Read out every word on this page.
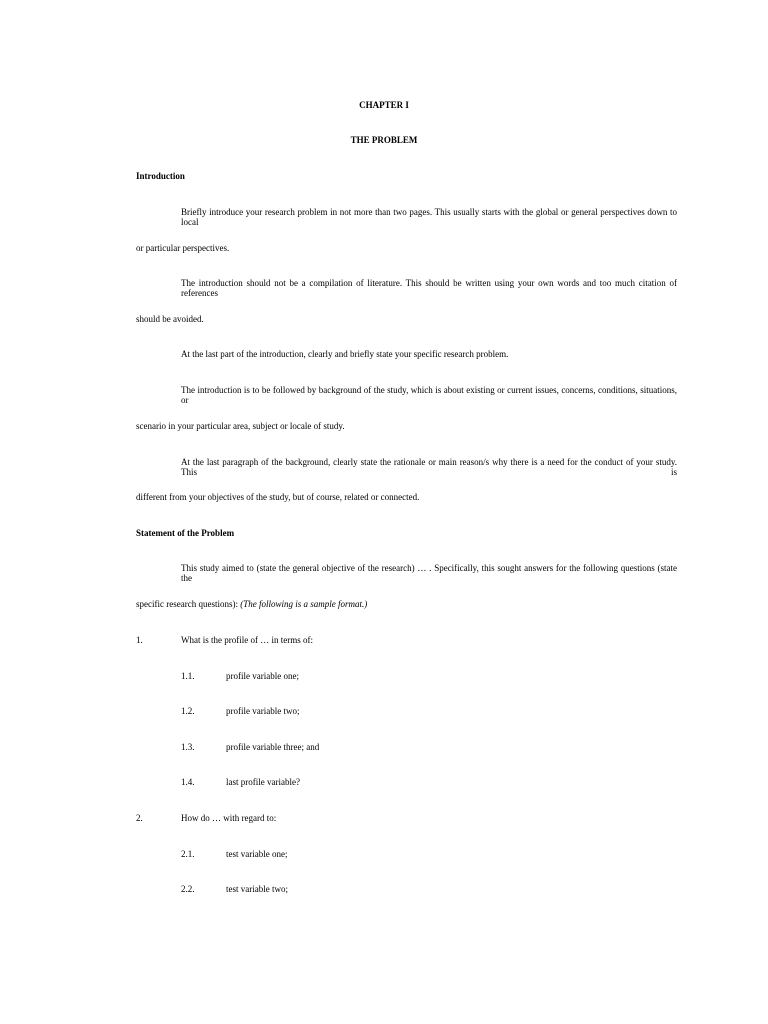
CHAPTER I
THE PROBLEM
Introduction
Briefly introduce your research problem in not more than two pages. This usually starts with the global or general perspectives down to local
or particular perspectives.
The introduction should not be a compilation of literature. This should be written using your own words and too much citation of references
should be avoided.
At the last part of the introduction, clearly and briefly state your specific research problem.
The introduction is to be followed by background of the study, which is about existing or current issues, concerns, conditions, situations, or
scenario in your particular area, subject or locale of study.
At the last paragraph of the background, clearly state the rationale or main reason/s why there is a need for the conduct of your study. This is
different from your objectives of the study, but of course, related or connected.
Statement of the Problem
This study aimed to (state the general objective of the research) … . Specifically, this sought answers for the following questions (state the
specific research questions): (The following is a sample format.)
1.	What is the profile of … in terms of:
1.1.	profile variable one;
1.2.	profile variable two;
1.3.	profile variable three; and
1.4.	last profile variable?
2.	How do … with regard to:
2.1.	test variable one;
2.2.	test variable two;
